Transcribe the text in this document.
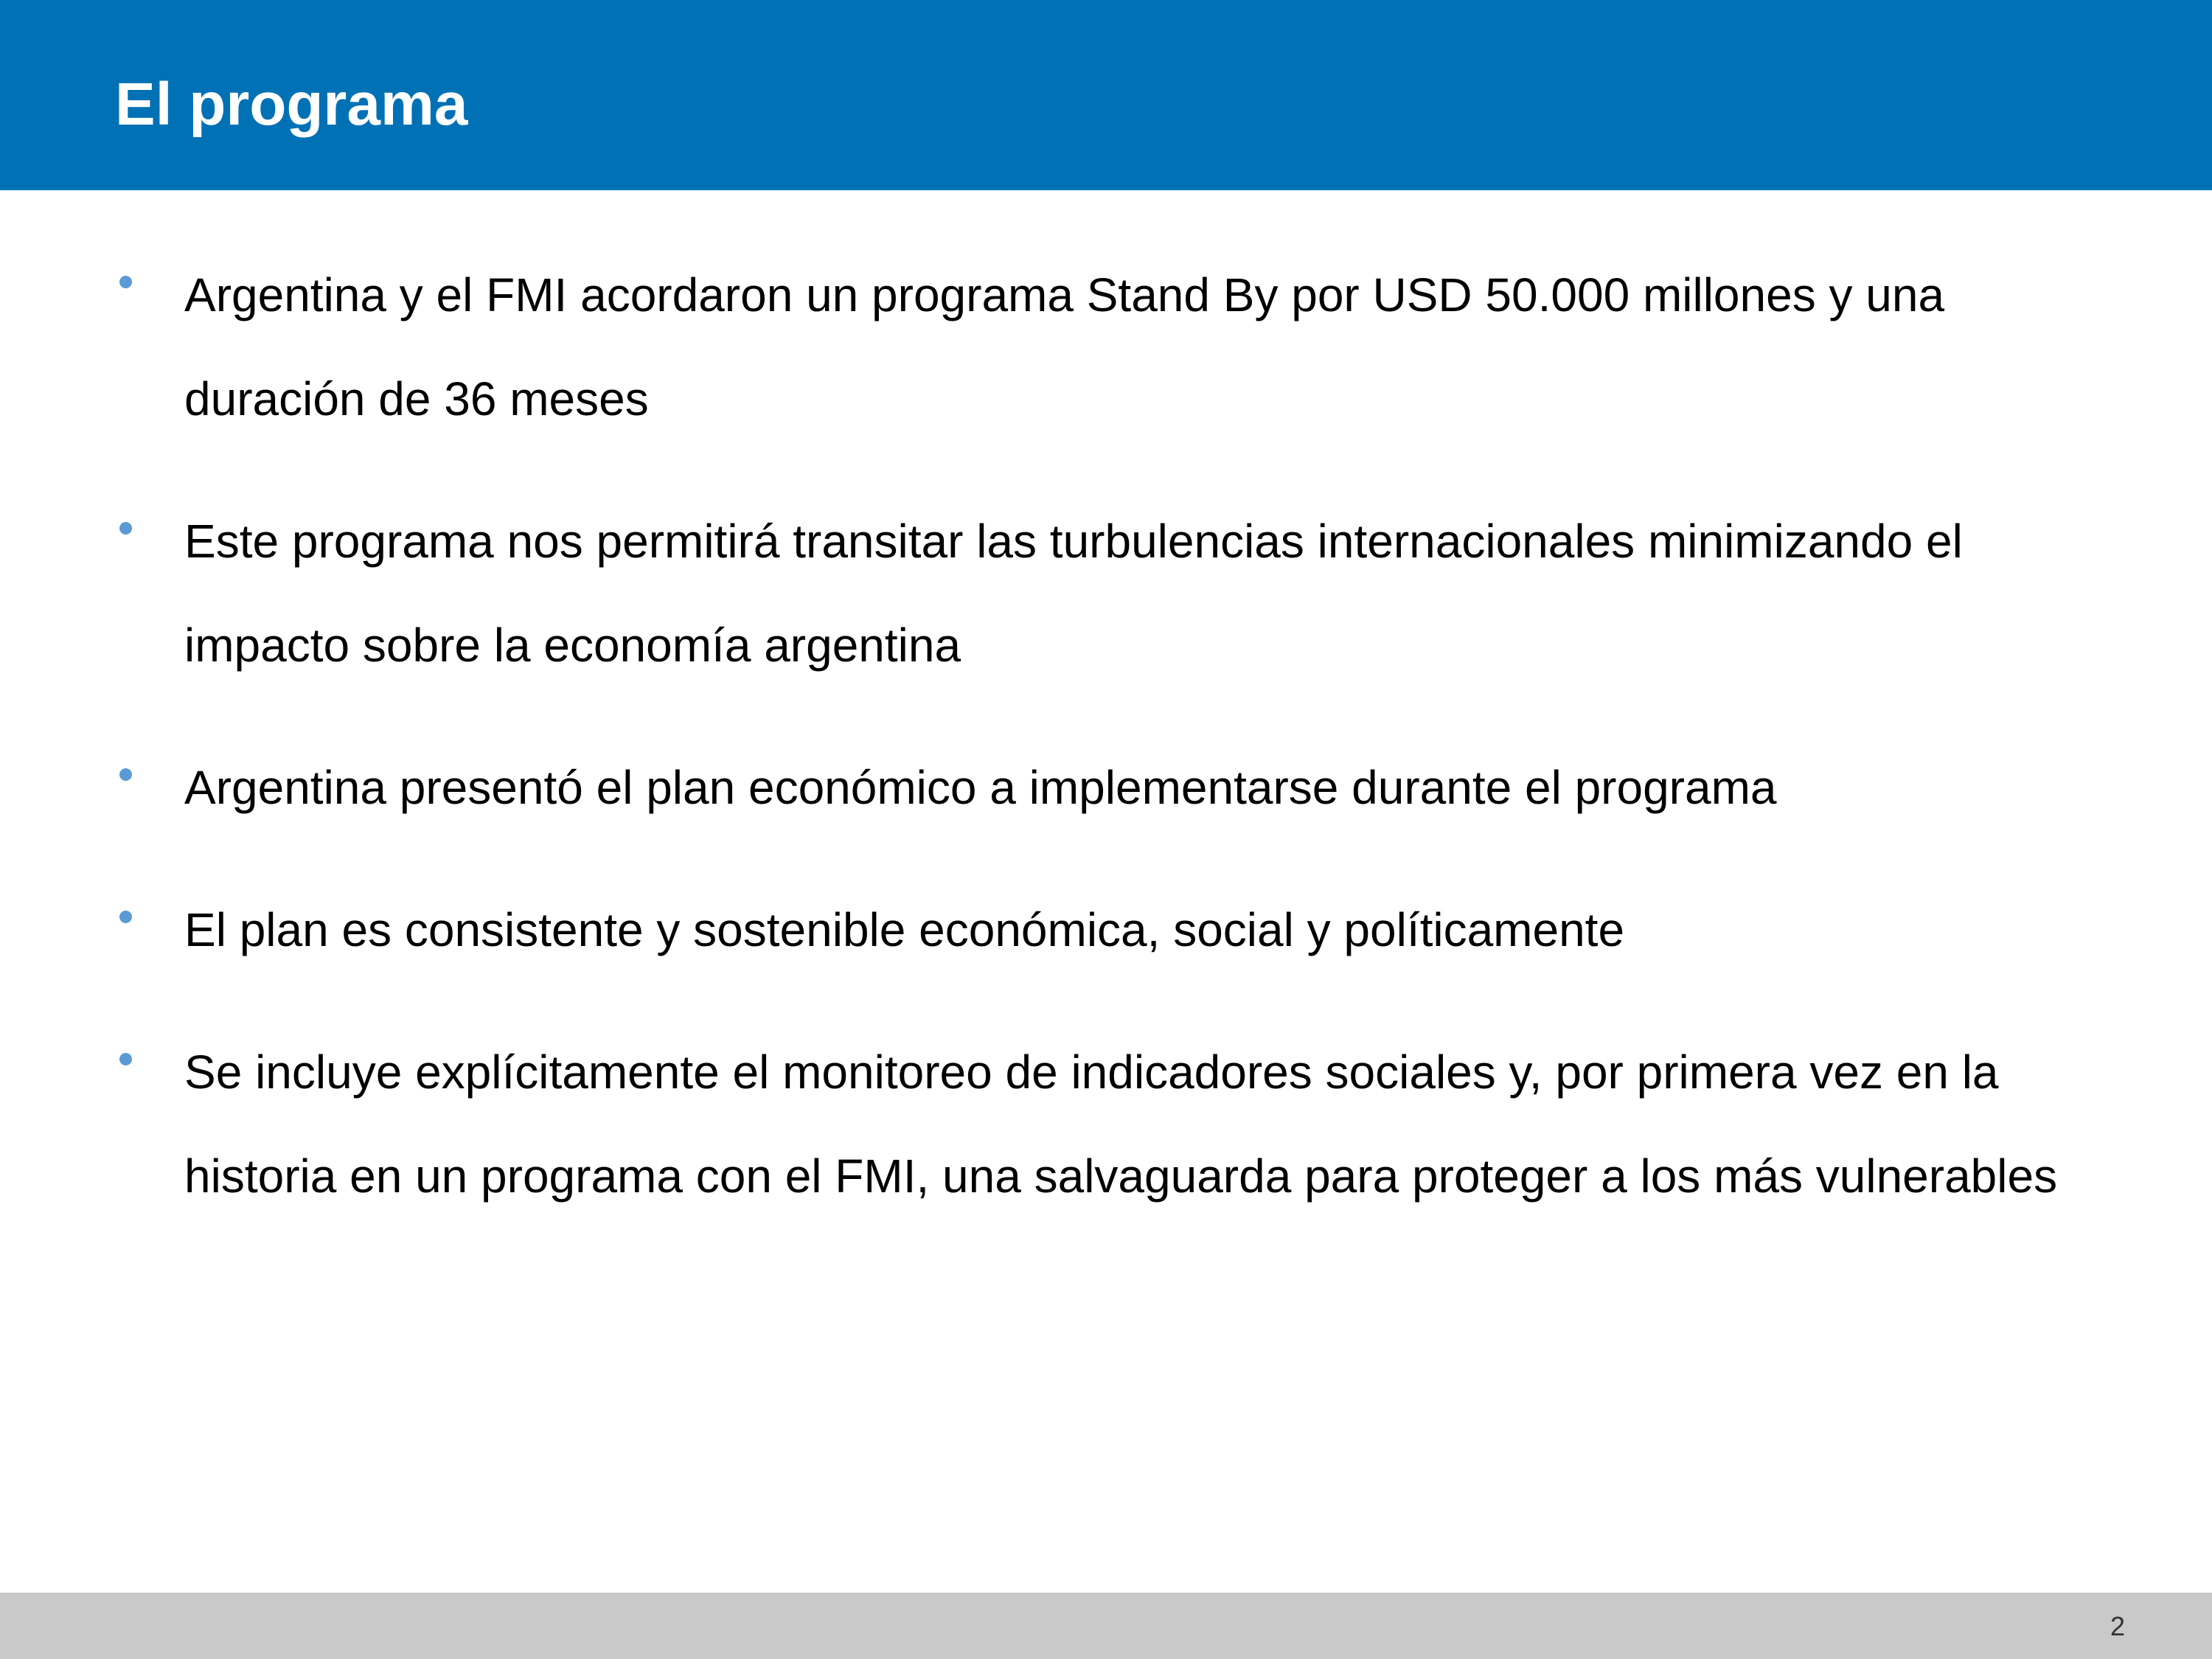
El programa
Argentina y el FMI acordaron un programa Stand By por USD 50.000 millones y una duración de 36 meses
Este programa nos permitirá transitar las turbulencias internacionales minimizando el impacto sobre la economía argentina
Argentina presentó el plan económico a implementarse durante el programa
El plan es consistente y sostenible económica, social y políticamente
Se incluye explícitamente el monitoreo de indicadores sociales y, por primera vez en la historia en un programa con el FMI, una salvaguarda para proteger a los más vulnerables
2
